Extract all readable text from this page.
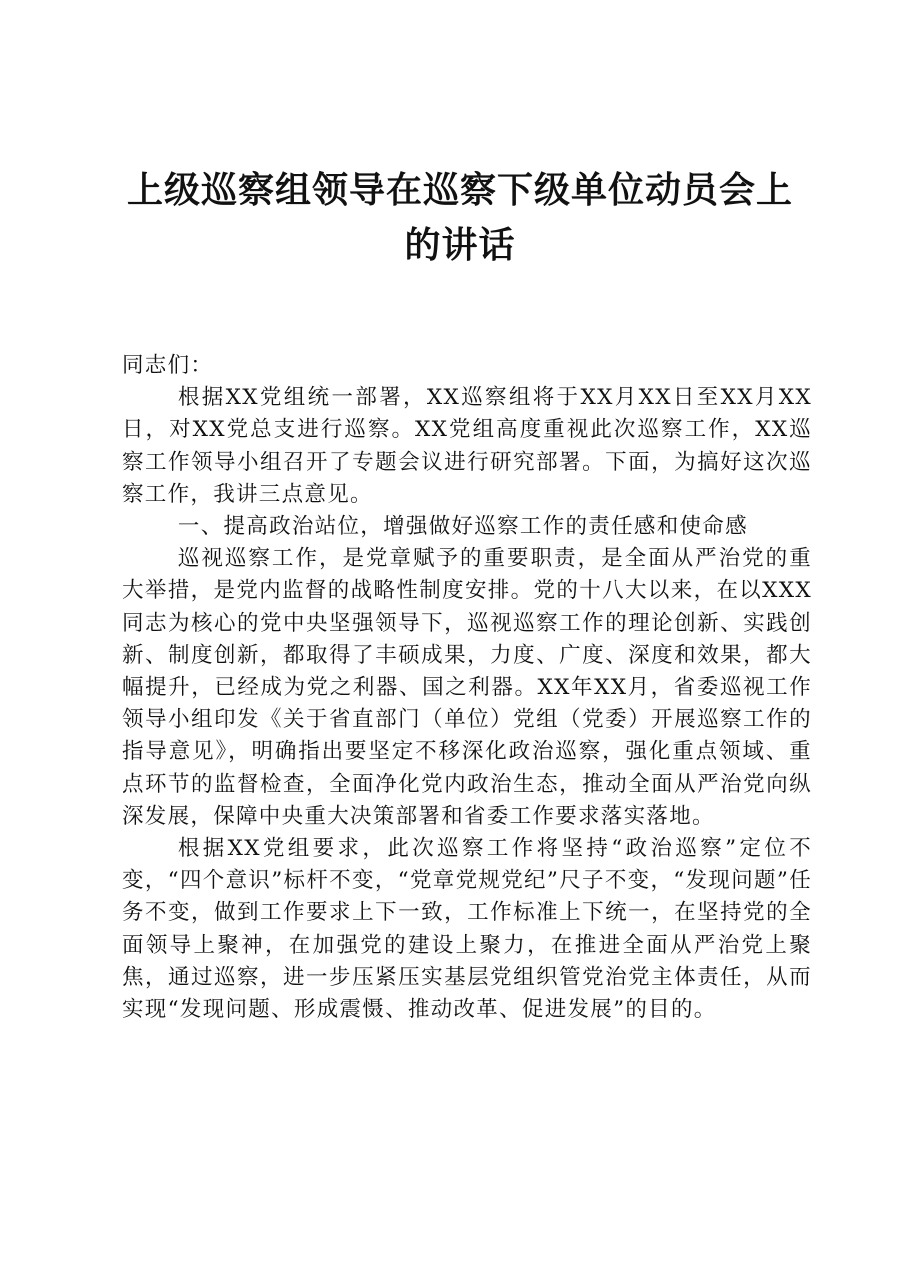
上级巡察组领导在巡察下级单位动员会上的讲话

同志们：

根据XX党组统一部署，XX巡察组将于XX月XX日至XX月XX日，对XX党总支进行巡察。XX党组高度重视此次巡察工作，XX巡察工作领导小组召开了专题会议进行研究部署。下面，为搞好这次巡察工作，我讲三点意见。

一、提高政治站位，增强做好巡察工作的责任感和使命感

巡视巡察工作，是党章赋予的重要职责，是全面从严治党的重大举措，是党内监督的战略性制度安排。党的十八大以来，在以XXX同志为核心的党中央坚强领导下，巡视巡察工作的理论创新、实践创新、制度创新，都取得了丰硕成果，力度、广度、深度和效果，都大幅提升，已经成为党之利器、国之利器。XX年XX月，省委巡视工作领导小组印发《关于省直部门（单位）党组（党委）开展巡察工作的指导意见》，明确指出要坚定不移深化政治巡察，强化重点领域、重点环节的监督检查，全面净化党内政治生态，推动全面从严治党向纵深发展，保障中央重大决策部署和省委工作要求落实落地。

根据XX党组要求，此次巡察工作将坚持“政治巡察”定位不变，“四个意识”标杆不变，“党章党规党纪”尺子不变，“发现问题”任务不变，做到工作要求上下一致，工作标准上下统一，在坚持党的全面领导上聚神，在加强党的建设上聚力，在推进全面从严治党上聚焦，通过巡察，进一步压紧压实基层党组织管党治党主体责任，从而实现“发现问题、形成震慑、推动改革、促进发展”的目的。
